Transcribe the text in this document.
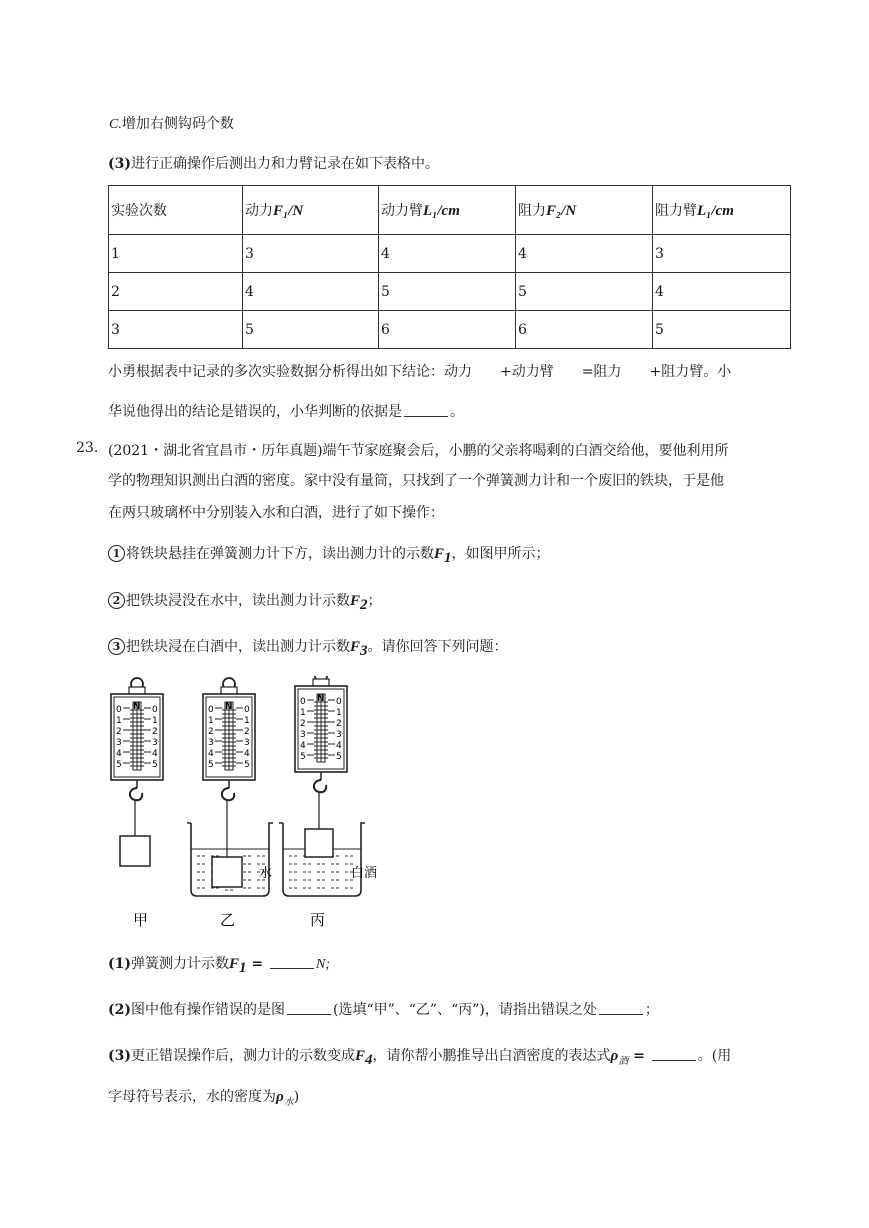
C.增加右侧钩码个数
(3)进行正确操作后测出力和力臂记录在如下表格中。
实验次数	动力F₁/N	动力臂L₁/cm	阻力F₂/N	阻力臂L₁/cm
1	3	4	4	3
2	4	5	5	4
3	5	6	6	5
小勇根据表中记录的多次实验数据分析得出如下结论：动力　　+动力臂　　=阻力　　+阻力臂。小
华说他得出的结论是错误的，小华判断的依据是	。
23. (2021・湖北省宜昌市・历年真题)端午节家庭聚会后，小鹏的父亲将喝剩的白酒交给他，要他利用所
学的物理知识测出白酒的密度。家中没有量筒，只找到了一个弹簧测力计和一个废旧的铁块，于是他
在两只玻璃杯中分别装入水和白酒，进行了如下操作：
1 将铁块悬挂在弹簧测力计下方，读出测力计的示数$F_1$，如图甲所示；
2 把铁块浸没在水中，读出测力计示数$F_2$；
3 把铁块浸在白酒中，读出测力计示数$F_3$。请你回答下列问题：
N
0	0
1	1
2	2
3	3
4	4
5	5
N
0	0
1	1
2	2
3	3
4	4
5	5
水
N
0	0
1	1
2	2
3	3
4	4
5	5
白酒
甲	乙	丙
(1)弹簧测力计示数$F_1$ =	N;
(2)图中他有操作错误的是图	(选填“甲”、“乙”、“丙”)，请指出错误之处	；
(3)更正错误操作后，测力计的示数变成$F_4$，请你帮小鹏推导出白酒密度的表达式$\rho_酒$ =	。(用
字母符号表示，水的密度为$\rho_水$)
